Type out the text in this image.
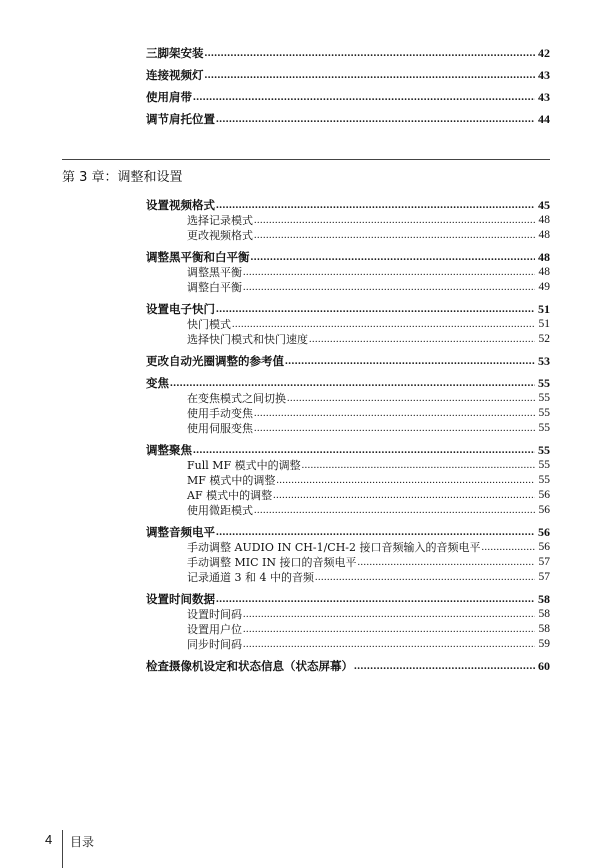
三脚架安装 .....	42
连接视频灯 .....	43
使用肩带 .....	43
调节肩托位置 .....	44
第 3 章：调整和设置
设置视频格式 .....	45
选择记录模式 .....	48
更改视频格式 .....	48
调整黑平衡和白平衡 .....	48
调整黑平衡 .....	48
调整白平衡 .....	49
设置电子快门 .....	51
快门模式 .....	51
选择快门模式和快门速度 .....	52
更改自动光圈调整的参考值 .....	53
变焦 .....	55
在变焦模式之间切换 .....	55
使用手动变焦 .....	55
使用伺服变焦 .....	55
调整聚焦 .....	55
Full MF 模式中的调整 .....	55
MF 模式中的调整 .....	55
AF 模式中的调整 .....	56
使用微距模式 .....	56
调整音频电平 .....	56
手动调整 AUDIO IN CH-1/CH-2 接口音频输入的音频电平 .....	56
手动调整 MIC IN 接口的音频电平 .....	57
记录通道 3 和 4 中的音频 .....	57
设置时间数据 .....	58
设置时间码 .....	58
设置用户位 .....	58
同步时间码 .....	59
检查摄像机设定和状态信息（状态屏幕） .....	60
4 目录
